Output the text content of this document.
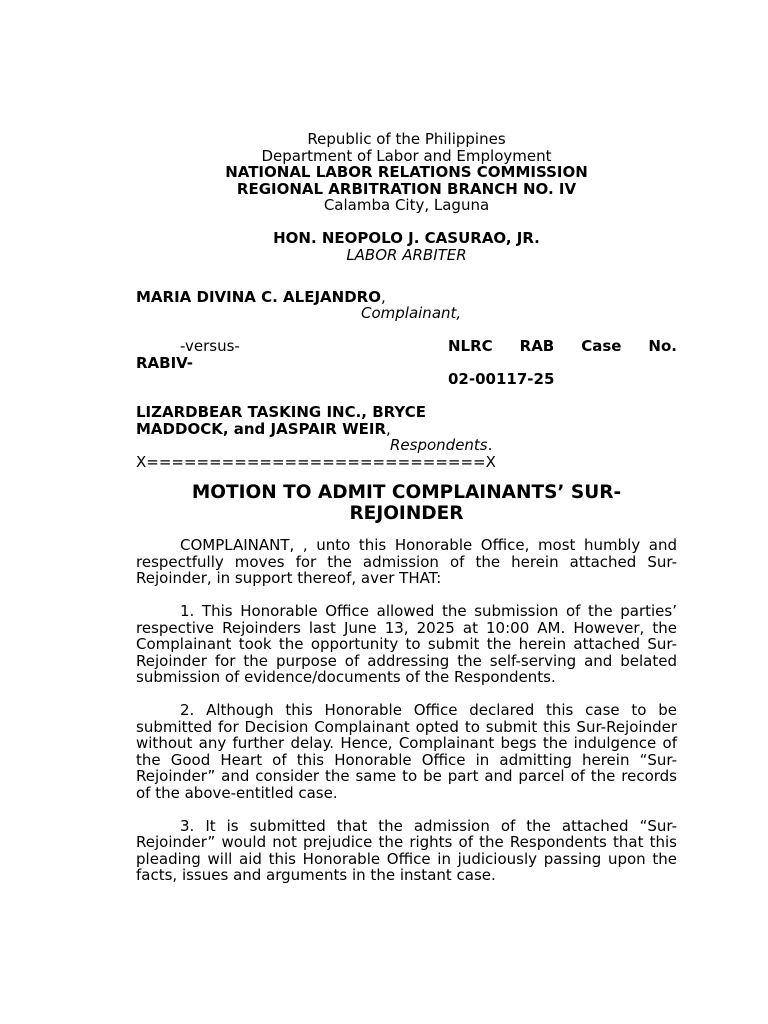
Republic of the Philippines
Department of Labor and Employment
NATIONAL LABOR RELATIONS COMMISSION
REGIONAL ARBITRATION BRANCH NO. IV
Calamba City, Laguna
HON. NEOPOLO J. CASURAO, JR.
LABOR ARBITER
MARIA DIVINA C. ALEJANDRO,
Complainant,
-versus-	NLRC RAB Case No.
RABIV-
02-00117-25
LIZARDBEAR TASKING INC., BRYCE
MADDOCK, and JASPAIR WEIR,
Respondents.
X===========================X
MOTION TO ADMIT COMPLAINANTS’ SUR-REJOINDER

COMPLAINANT, , unto this Honorable Office, most humbly and respectfully moves for the admission of the herein attached Sur-Rejoinder, in support thereof, aver THAT:

1. This Honorable Office allowed the submission of the parties’ respective Rejoinders last June 13, 2025 at 10:00 AM. However, the Complainant took the opportunity to submit the herein attached Sur-Rejoinder for the purpose of addressing the self-serving and belated submission of evidence/documents of the Respondents.

2. Although this Honorable Office declared this case to be submitted for Decision Complainant opted to submit this Sur-Rejoinder without any further delay. Hence, Complainant begs the indulgence of the Good Heart of this Honorable Office in admitting herein “Sur-Rejoinder” and consider the same to be part and parcel of the records of the above-entitled case.

3. It is submitted that the admission of the attached “Sur-Rejoinder” would not prejudice the rights of the Respondents that this pleading will aid this Honorable Office in judiciously passing upon the facts, issues and arguments in the instant case.
